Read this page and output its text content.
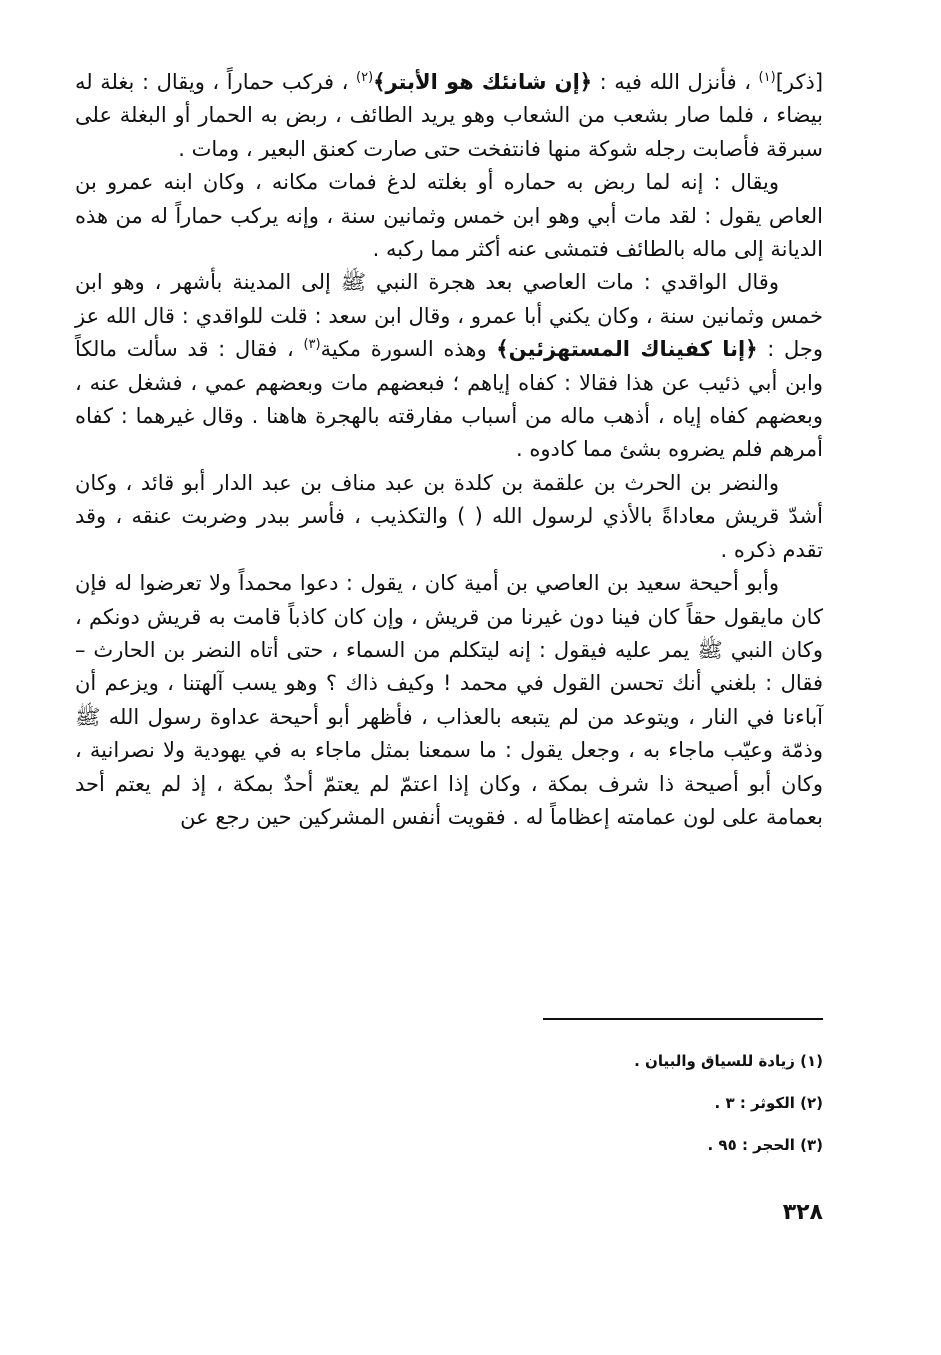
[ذكر]$^{(١)}$ ، فأنزل الله فيه : ﴿إن شانئك هو الأبتر﴾$^{(٢)}$ ، فركب حماراً ، ويقال : بغلة له بيضاء ، فلما صار بشعب من الشعاب وهو يريد الطائف ، ربض به الحمار أو البغلة على سبرقة فأصابت رجله شوكة منها فانتفخت حتى صارت كعنق البعير ، ومات .

ويقال : إنه لما ربض به حماره أو بغلته لدغ فمات مكانه ، وكان ابنه عمرو بن العاص يقول : لقد مات أبي وهو ابن خمس وثمانين سنة ، وإنه يركب حماراً له من هذه الديانة إلى ماله بالطائف فتمشى عنه أكثر مما ركبه .

وقال الواقدي : مات العاصي بعد هجرة النبي ﷺ إلى المدينة بأشهر ، وهو ابن خمس وثمانين سنة ، وكان يكني أبا عمرو ، وقال ابن سعد : قلت للواقدي : قال الله عز وجل : ﴿إنا كفيناك المستهزئين﴾ وهذه السورة مكية$^{(٣)}$ ، فقال : قد سألت مالكاً وابن أبي ذئيب عن هذا فقالا : كفاه إياهم ؛ فبعضهم مات وبعضهم عمي ، فشغل عنه ، وبعضهم كفاه إياه ، أذهب ماله من أسباب مفارقته بالهجرة هاهنا . وقال غيرهما : كفاه أمرهم فلم يضروه بشئ مما كادوه .

والنضر بن الحرث بن علقمة بن كلدة بن عبد مناف بن عبد الدار أبو قائد ، وكان أشدّ قريش معاداةً بالأذي لرسول الله ( ) والتكذيب ، فأسر ببدر وضربت عنقه ، وقد تقدم ذكره .

وأبو أحيحة سعيد بن العاصي بن أمية كان ، يقول : دعوا محمداً ولا تعرضوا له فإن كان مايقول حقاً كان فينا دون غيرنا من قريش ، وإن كان كاذباً قامت به قريش دونكم ، وكان النبي ﷺ يمر عليه فيقول : إنه ليتكلم من السماء ، حتى أتاه النضر بن الحارث – فقال : بلغني أنك تحسن القول في محمد ! وكيف ذاك ؟ وهو يسب آلهتنا ، ويزعم أن آباءنا في النار ، ويتوعد من لم يتبعه بالعذاب ، فأظهر أبو أحيحة عداوة رسول الله ﷺ وذمّة وعيّب ماجاء به ، وجعل يقول : ما سمعنا بمثل ماجاء به في يهودية ولا نصرانية ، وكان أبو أصيحة ذا شرف بمكة ، وكان إذا اعتمّ لم يعتمّ أحدٌ بمكة ، إذ لم يعتم أحد بعمامة على لون عمامته إعظاماً له . فقويت أنفس المشركين حين رجع عن

(١) زيادة للسياق والبيان .

(٢) الكوثر : ٣ .

(٣) الحجر : ٩٥ .

٣٢٨
